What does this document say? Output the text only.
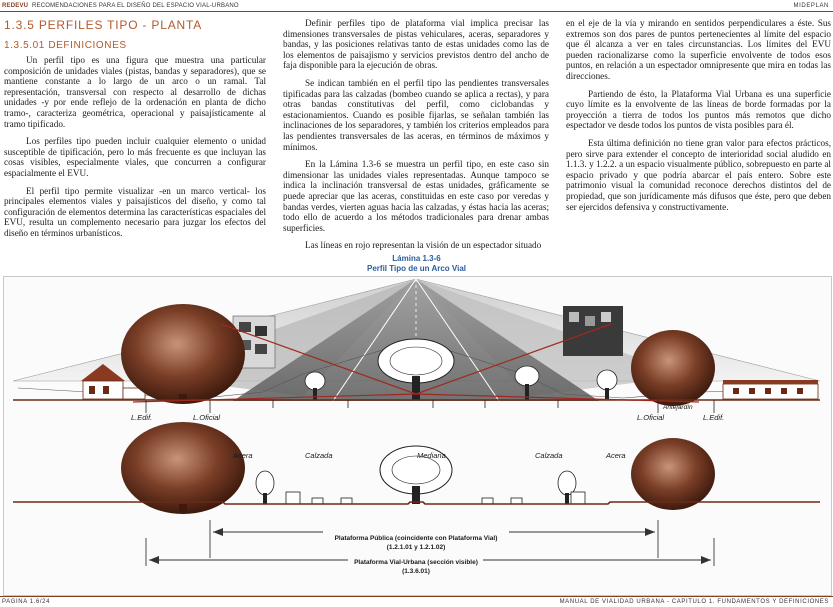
REDEVU RECOMENDACIONES PARA EL DISEÑO DEL ESPACIO VIAL-URBANO	MIDEPLAN
1.3.5 PERFILES TIPO - PLANTA
1.3.5.01 DEFINICIONES

Un perfil tipo es una figura que muestra una particular composición de unidades viales (pistas, bandas y separadores), que se mantiene constante a lo largo de un arco o un ramal. Tal representación, transversal con respecto al desarrollo de dichas unidades -y por ende reflejo de la ordenación en planta de dicho tramo-, caracteriza geométrica, operacional y paisajísticamente al tramo tipificado.

Los perfiles tipo pueden incluir cualquier elemento o unidad susceptible de tipificación, pero lo más frecuente es que incluyan las cosas visibles, especialmente viales, que concurren a configurar espacialmente el EVU.

El perfil tipo permite visualizar -en un marco vertical- los principales elementos viales y paisajísticos del diseño, y como tal configuración de elementos determina las características espaciales del EVU, resulta un complemento necesario para juzgar los efectos del diseño en términos urbanísticos.

Definir perfiles tipo de plataforma vial implica precisar las dimensiones transversales de pistas vehiculares, aceras, separadores y bandas, y las posiciones relativas tanto de estas unidades como las de los elementos de paisajismo y servicios previstos dentro del ancho de faja disponible para la ejecución de obras.

Se indican también en el perfil tipo las pendientes transversales tipificadas para las calzadas (bombeo cuando se aplica a rectas), y para otras bandas constitutivas del perfil, como ciclobandas y estacionamientos. Cuando es posible fijarlas, se señalan también las inclinaciones de los separadores, y también los criterios empleados para las pendientes transversales de las aceras, en términos de máximos y mínimos.

En la Lámina 1.3-6 se muestra un perfil tipo, en este caso sin dimensionar las unidades viales representadas. Aunque tampoco se indica la inclinación transversal de estas unidades, gráficamente se puede apreciar que las aceras, constituidas en este caso por veredas y bandas verdes, vierten aguas hacia las calzadas, y éstas hacia las aceras; todo ello de acuerdo a los métodos tradicionales para drenar ambas superficies.

Las líneas en rojo representan la visión de un espectador situado

en el eje de la vía y mirando en sentidos perpendiculares a éste. Sus extremos son dos pares de puntos pertenecientes al límite del espacio que él alcanza a ver en tales circunstancias. Los límites del EVU pueden racionalizarse como la superficie envolvente de todos esos puntos, en relación a un espectador omnipresente que mira en todas las direcciones.

Partiendo de ésto, la Plataforma Vial Urbana es una superficie cuyo límite es la envolvente de las líneas de borde formadas por la proyección a tierra de todos los puntos más remotos que dicho espectador ve desde todos los puntos de vista posibles para él.

Esta última definición no tiene gran valor para efectos prácticos, pero sirve para extender el concepto de interioridad social aludido en 1.1.3. y 1.2.2. a un espacio visualmente público, sobrepuesto en parte al espacio privado y que podría abarcar el país entero. Sobre este patrimonio visual la comunidad reconoce derechos distintos del de propiedad, que son jurídicamente más difusos que éste, pero que deben ser ejercidos defensiva y constructivamente.

Lámina 1.3-6
Perfil Tipo de un Arco Vial
L.Edif.	L.Oficial
Antejardín
L.Oficial	L.Edif.
Acera	Calzada	Mediana	Calzada	Acera
Plataforma Pública (coincidente con Plataforma Vial)
(1.2.1.01 y 1.2.1.02)
Plataforma Vial-Urbana (sección visible)
(1.3.6.01)
PAGINA 1.6/24	MANUAL DE VIALIDAD URBANA - CAPITULO 1. FUNDAMENTOS Y DEFINICIONES
